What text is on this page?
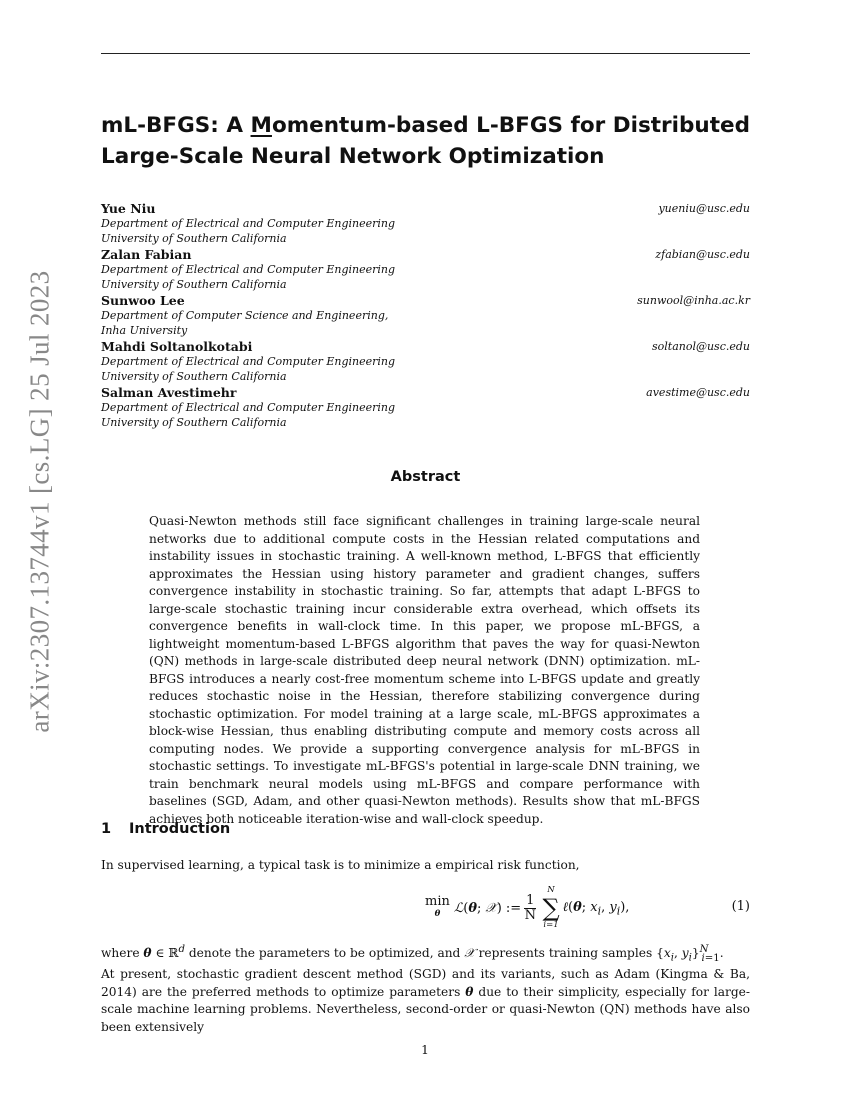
arXiv:2307.13744v1 [cs.LG] 25 Jul 2023
mL-BFGS: A Momentum-based L-BFGS for Distributed
Large-Scale Neural Network Optimization
Yue Niu
Department of Electrical and Computer Engineering
University of Southern California
yueniu@usc.edu
Zalan Fabian
Department of Electrical and Computer Engineering
University of Southern California
zfabian@usc.edu
Sunwoo Lee
Department of Computer Science and Engineering,
Inha University
sunwool@inha.ac.kr
Mahdi Soltanolkotabi
Department of Electrical and Computer Engineering
University of Southern California
soltanol@usc.edu
Salman Avestimehr
Department of Electrical and Computer Engineering
University of Southern California
avestime@usc.edu
Abstract

Quasi-Newton methods still face significant challenges in training large-scale neural networks due to additional compute costs in the Hessian related computations and instability issues in stochastic training. A well-known method, L-BFGS that efficiently approximates the Hessian using history parameter and gradient changes, suffers convergence instability in stochastic training. So far, attempts that adapt L-BFGS to large-scale stochastic training incur considerable extra overhead, which offsets its convergence benefits in wall-clock time. In this paper, we propose mL-BFGS, a lightweight momentum-based L-BFGS algorithm that paves the way for quasi-Newton (QN) methods in large-scale distributed deep neural network (DNN) optimization. mL-BFGS introduces a nearly cost-free momentum scheme into L-BFGS update and greatly reduces stochastic noise in the Hessian, therefore stabilizing convergence during stochastic optimization. For model training at a large scale, mL-BFGS approximates a block-wise Hessian, thus enabling distributing compute and memory costs across all computing nodes. We provide a supporting convergence analysis for mL-BFGS in stochastic settings. To investigate mL-BFGS's potential in large-scale DNN training, we train benchmark neural models using mL-BFGS and compare performance with baselines (SGD, Adam, and other quasi-Newton methods). Results show that mL-BFGS achieves both noticeable iteration-wise and wall-clock speedup.

1 Introduction

In supervised learning, a typical task is to minimize a empirical risk function,

min
θ ℒ(θ; 𝒳) := $\frac{1}{N}$
N
∑
i=1
ℓ(θ; $x_i$, $y_i$),	(1)

where θ ∈ ℝ$^d$ denote the parameters to be optimized, and 𝒳 represents training samples {$x_i$, $y_i\}^N_{i=1}$.

At present, stochastic gradient descent method (SGD) and its variants, such as Adam (Kingma & Ba, 2014) are the preferred methods to optimize parameters θ due to their simplicity, especially for large-scale machine learning problems. Nevertheless, second-order or quasi-Newton (QN) methods have also been extensively

1
